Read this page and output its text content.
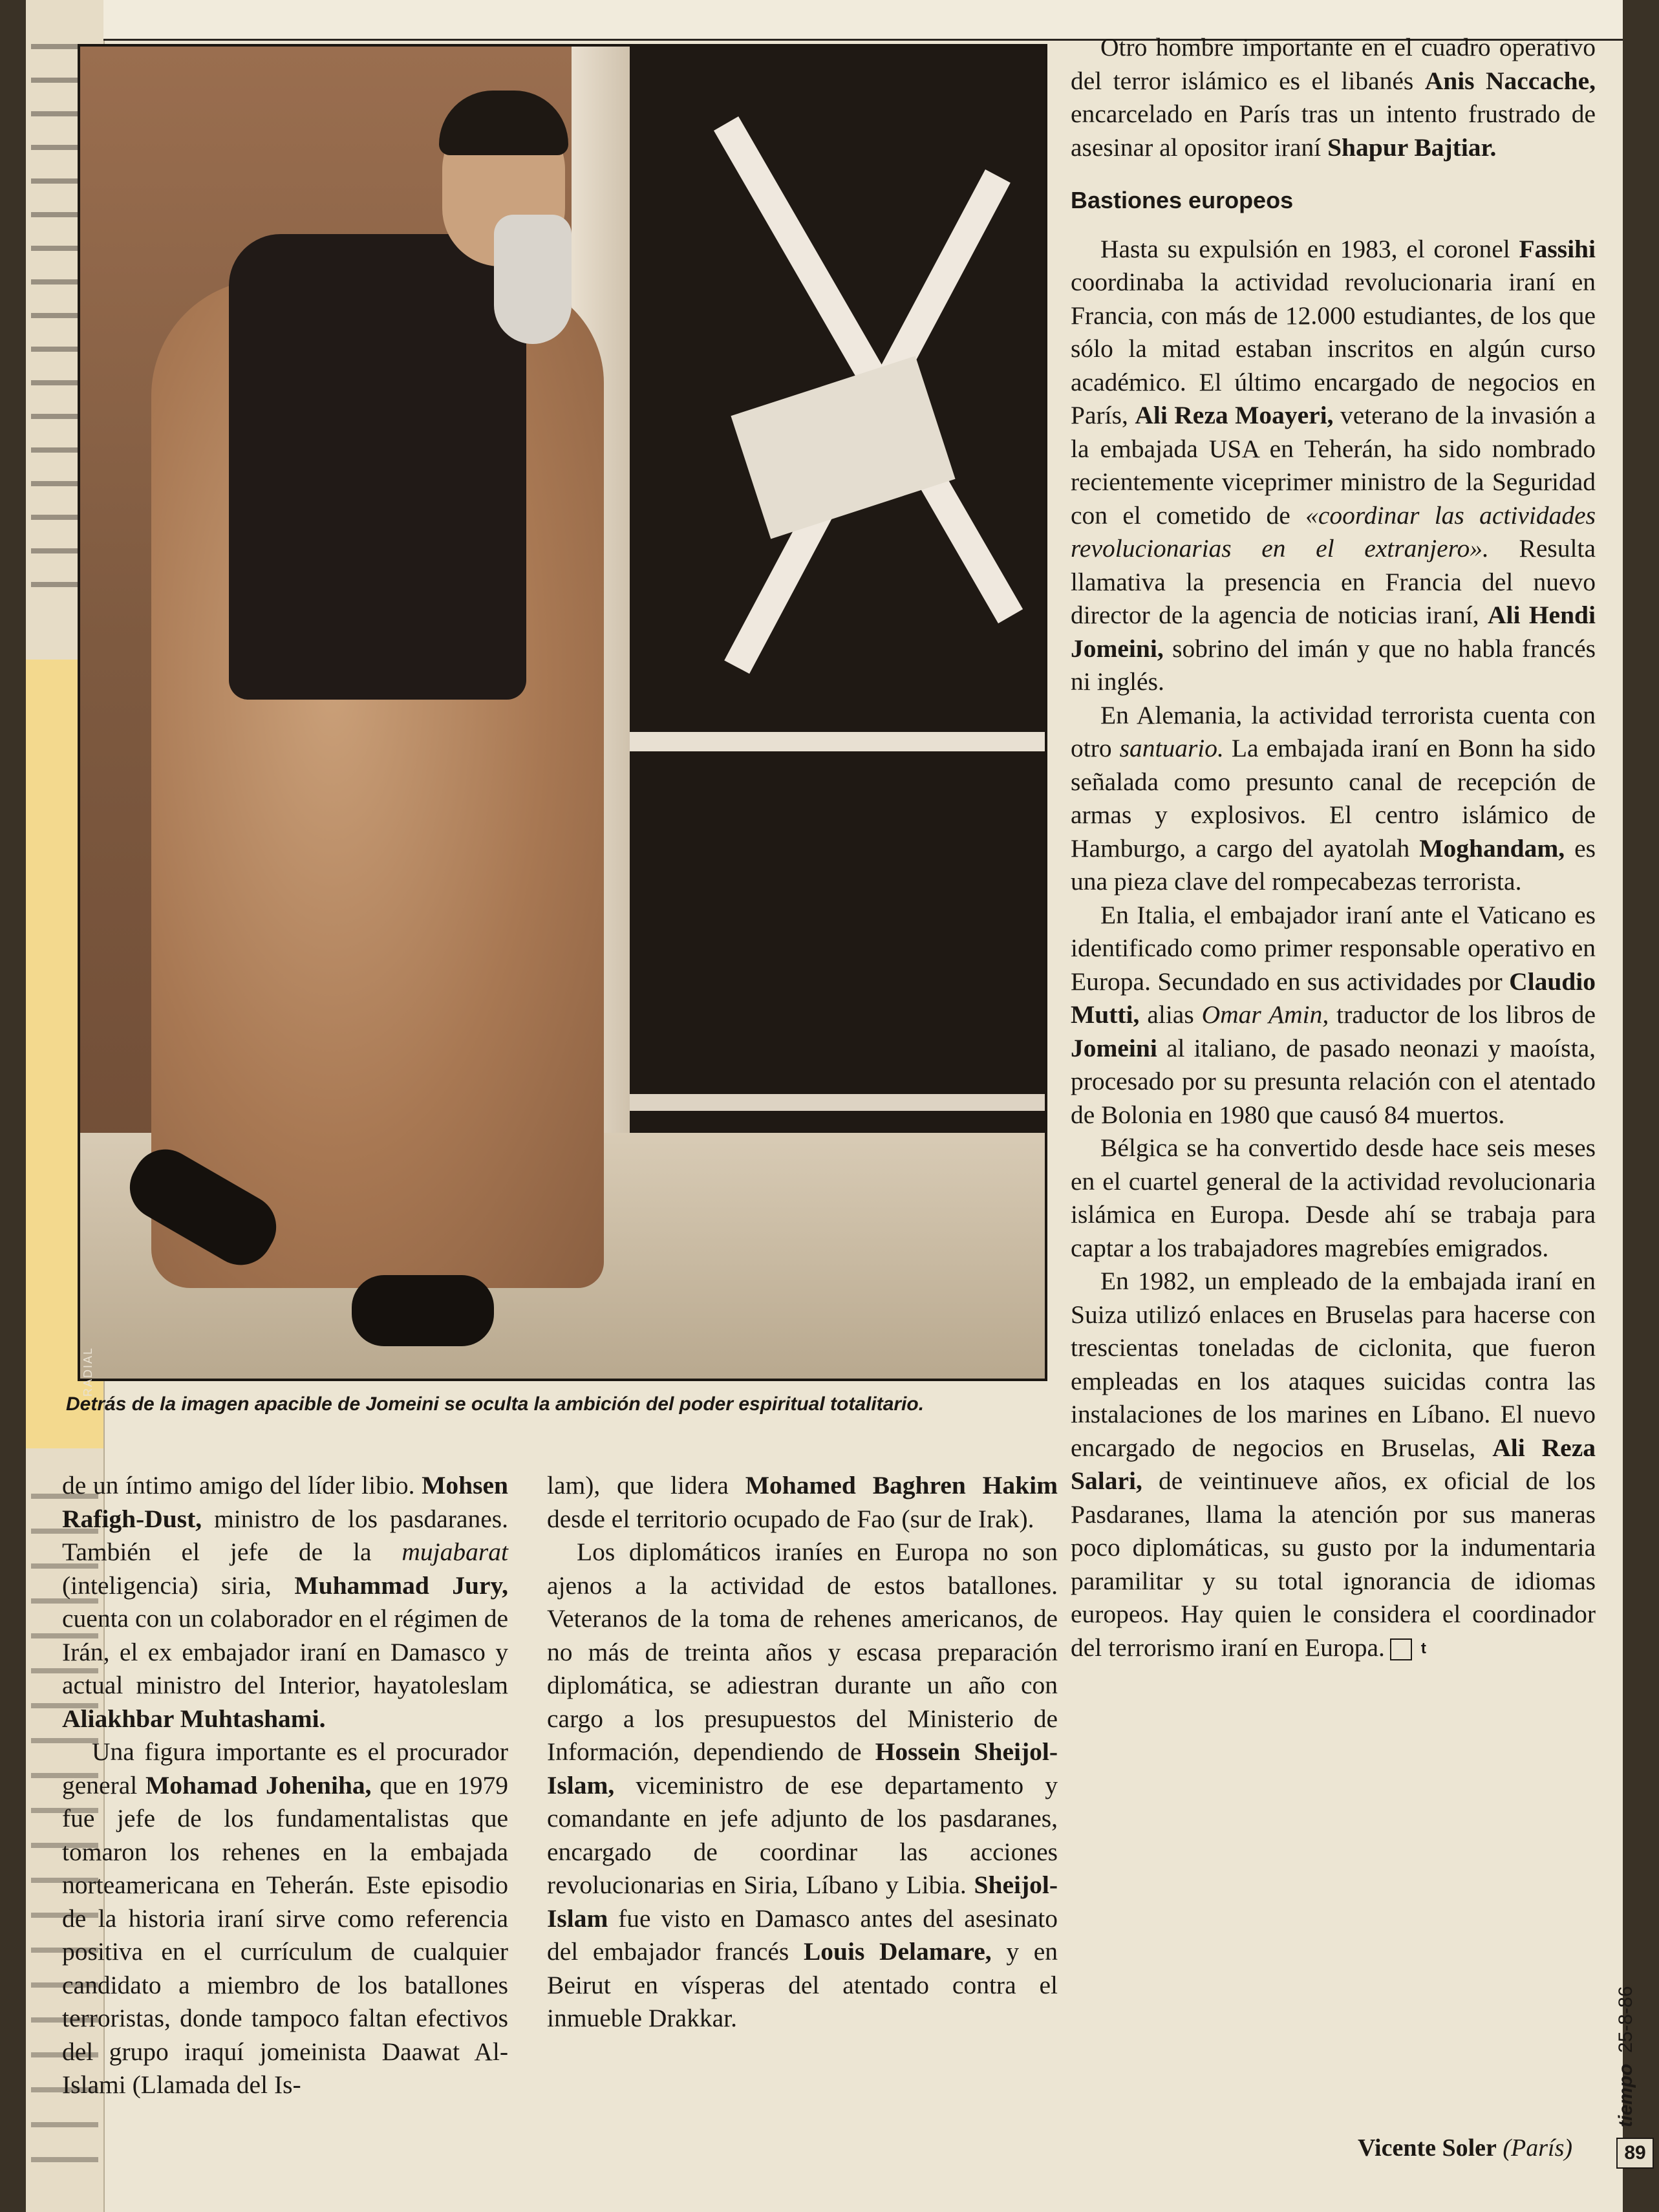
RADIAL
Detrás de la imagen apacible de Jomeini se oculta la ambición del poder espiritual totalitario.

de un íntimo amigo del líder libio. Mohsen Rafigh-Dust, ministro de los pasdaranes. También el jefe de la mujabarat (inteligencia) siria, Muhammad Jury, cuenta con un colaborador en el régimen de Irán, el ex embajador iraní en Damasco y actual ministro del Interior, hayatoleslam Aliakhbar Muhtashami.

Una figura importante es el procurador general Mohamad Joheniha, que en 1979 fue jefe de los fundamentalistas que tomaron los rehenes en la embajada norteamericana en Teherán. Este episodio de la historia iraní sirve como referencia positiva en el currículum de cualquier candidato a miembro de los batallones terroristas, donde tampoco faltan efectivos del grupo iraquí jomeinista Daawat Al-Islami (Llamada del Is-

lam), que lidera Mohamed Baghren Hakim desde el territorio ocupado de Fao (sur de Irak).

Los diplomáticos iraníes en Europa no son ajenos a la actividad de estos batallones. Veteranos de la toma de rehenes americanos, de no más de treinta años y escasa preparación diplomática, se adiestran durante un año con cargo a los presupuestos del Ministerio de Información, dependiendo de Hossein Sheijol-Islam, viceministro de ese departamento y comandante en jefe adjunto de los pasdaranes, encargado de coordinar las acciones revolucionarias en Siria, Líbano y Libia. Sheijol-Islam fue visto en Damasco antes del asesinato del embajador francés Louis Delamare, y en Beirut en vísperas del atentado contra el inmueble Drakkar.

Otro hombre importante en el cuadro operativo del terror islámico es el libanés Anis Naccache, encarcelado en París tras un intento frustrado de asesinar al opositor iraní Shapur Bajtiar.

Bastiones europeos

Hasta su expulsión en 1983, el coronel Fassihi coordinaba la actividad revolucionaria iraní en Francia, con más de 12.000 estudiantes, de los que sólo la mitad estaban inscritos en algún curso académico. El último encargado de negocios en París, Ali Reza Moayeri, veterano de la invasión a la embajada USA en Teherán, ha sido nombrado recientemente viceprimer ministro de la Seguridad con el cometido de «coordinar las actividades revolucionarias en el extranjero». Resulta llamativa la presencia en Francia del nuevo director de la agencia de noticias iraní, Ali Hendi Jomeini, sobrino del imán y que no habla francés ni inglés.

En Alemania, la actividad terrorista cuenta con otro santuario. La embajada iraní en Bonn ha sido señalada como presunto canal de recepción de armas y explosivos. El centro islámico de Hamburgo, a cargo del ayatolah Moghandam, es una pieza clave del rompecabezas terrorista.

En Italia, el embajador iraní ante el Vaticano es identificado como primer responsable operativo en Europa. Secundado en sus actividades por Claudio Mutti, alias Omar Amin, traductor de los libros de Jomeini al italiano, de pasado neonazi y maoísta, procesado por su presunta relación con el atentado de Bolonia en 1980 que causó 84 muertos.

Bélgica se ha convertido desde hace seis meses en el cuartel general de la actividad revolucionaria islámica en Europa. Desde ahí se trabaja para captar a los trabajadores magrebíes emigrados.

En 1982, un empleado de la embajada iraní en Suiza utilizó enlaces en Bruselas para hacerse con trescientas toneladas de ciclonita, que fueron empleadas en los ataques suicidas contra las instalaciones de los marines en Líbano. El nuevo encargado de negocios en Bruselas, Ali Reza Salari, de veintinueve años, ex oficial de los Pasdaranes, llama la atención por sus maneras poco diplomáticas, su gusto por la indumentaria paramilitar y su total ignorancia de idiomas europeos. Hay quien le considera el coordinador del terrorismo iraní en Europa. t

Vicente Soler (París)
tiempo  25-8-86
89
